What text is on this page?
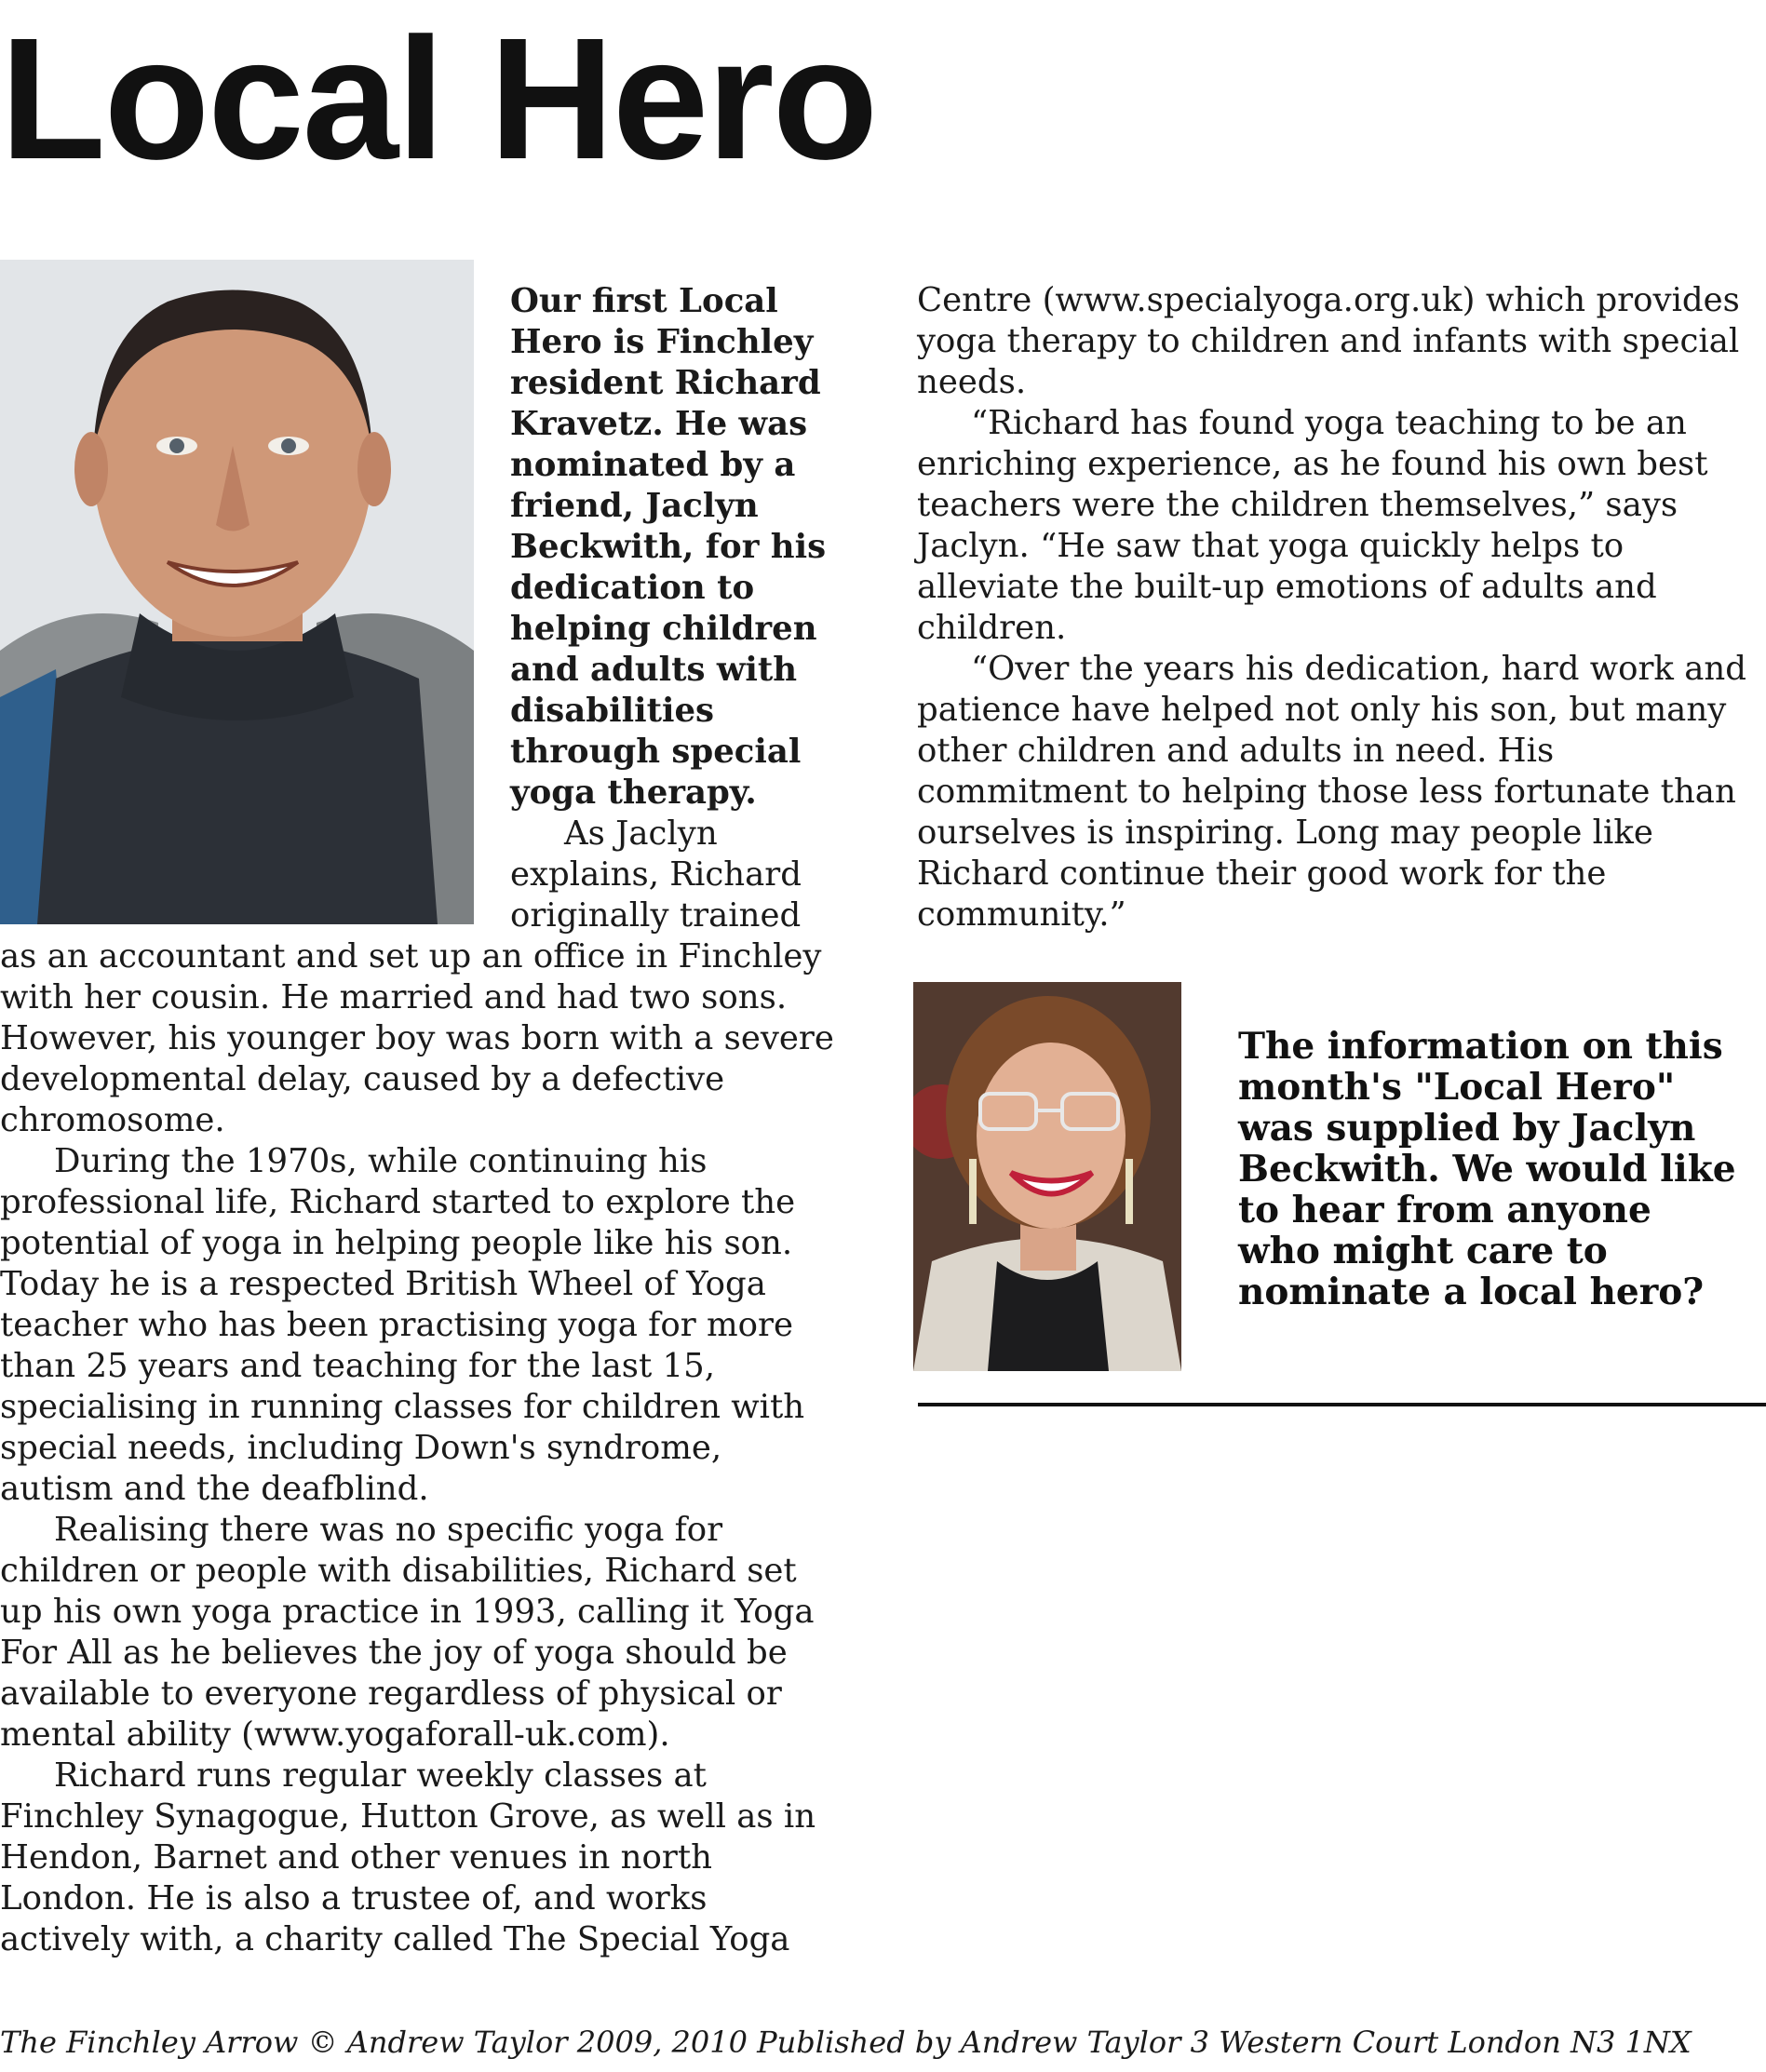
Local Hero

Our first Local Hero is Finchley resident Richard Kravetz. He was nominated by a friend, Jaclyn Beckwith, for his dedication to helping children and adults with disabilities through special yoga therapy.

As Jaclyn explains, Richard originally trained as an accountant and set up an office in Finchley with her cousin. He married and had two sons. However, his younger boy was born with a severe developmental delay, caused by a defective chromosome.

During the 1970s, while continuing his professional life, Richard started to explore the potential of yoga in helping people like his son. Today he is a respected British Wheel of Yoga teacher who has been practising yoga for more than 25 years and teaching for the last 15, specialising in running classes for children with special needs, including Down's syndrome, autism and the deafblind.

Realising there was no specific yoga for children or people with disabilities, Richard set up his own yoga practice in 1993, calling it Yoga For All as he believes the joy of yoga should be available to everyone regardless of physical or mental ability (www.yogaforall-uk.com).

Richard runs regular weekly classes at Finchley Synagogue, Hutton Grove, as well as in Hendon, Barnet and other venues in north London. He is also a trustee of, and works actively with, a charity called The Special Yoga

Centre (www.specialyoga.org.uk) which provides yoga therapy to children and infants with special needs.

“Richard has found yoga teaching to be an enriching experience, as he found his own best teachers were the children themselves,” says Jaclyn. “He saw that yoga quickly helps to alleviate the built-up emotions of adults and children.

“Over the years his dedication, hard work and patience have helped not only his son, but many other children and adults in need. His commitment to helping those less fortunate than ourselves is inspiring. Long may people like Richard continue their good work for the community.”

The information on this month's "Local Hero" was supplied by Jaclyn Beckwith. We would like to hear from anyone who might care to nominate a local hero?
The Finchley Arrow © Andrew Taylor 2009, 2010 Published by Andrew Taylor 3 Western Court London N3 1NX
